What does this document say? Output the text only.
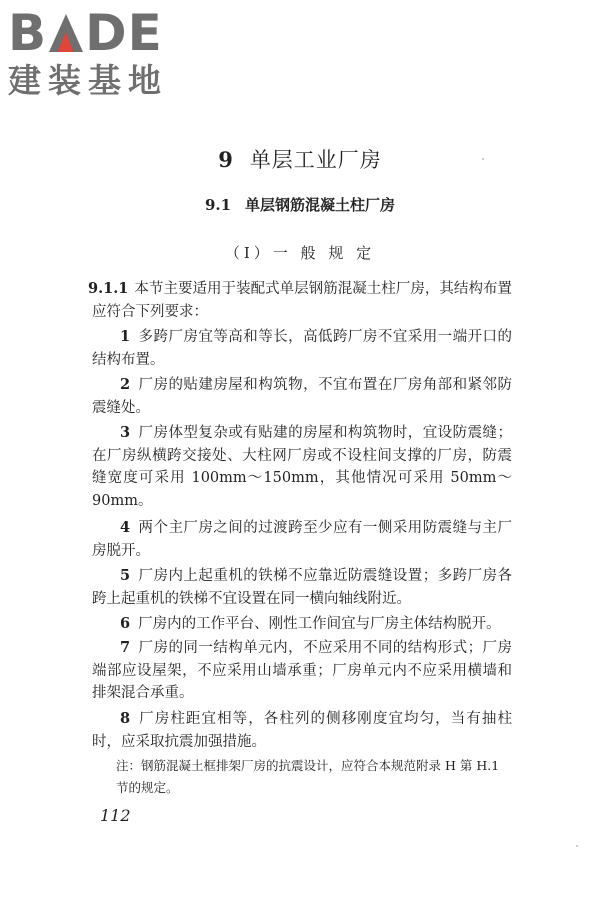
B DE
建装基地
9 单层工业厂房
9.1 单层钢筋混凝土柱厂房
（Ⅰ）一 般 规 定
9.1.1 本节主要适用于装配式单层钢筋混凝土柱厂房，其结构布置应符合下列要求：
1 多跨厂房宜等高和等长，高低跨厂房不宜采用一端开口的结构布置。
2 厂房的贴建房屋和构筑物，不宜布置在厂房角部和紧邻防震缝处。
3 厂房体型复杂或有贴建的房屋和构筑物时，宜设防震缝；在厂房纵横跨交接处、大柱网厂房或不设柱间支撑的厂房，防震缝宽度可采用 100mm～150mm，其他情况可采用 50mm～90mm。
4 两个主厂房之间的过渡跨至少应有一侧采用防震缝与主厂房脱开。
5 厂房内上起重机的铁梯不应靠近防震缝设置；多跨厂房各跨上起重机的铁梯不宜设置在同一横向轴线附近。
6 厂房内的工作平台、刚性工作间宜与厂房主体结构脱开。
7 厂房的同一结构单元内，不应采用不同的结构形式；厂房端部应设屋架，不应采用山墙承重；厂房单元内不应采用横墙和排架混合承重。
8 厂房柱距宜相等，各柱列的侧移刚度宜均匀，当有抽柱时，应采取抗震加强措施。
注：钢筋混凝土框排架厂房的抗震设计，应符合本规范附录 H 第 H.1 节的规定。
112
